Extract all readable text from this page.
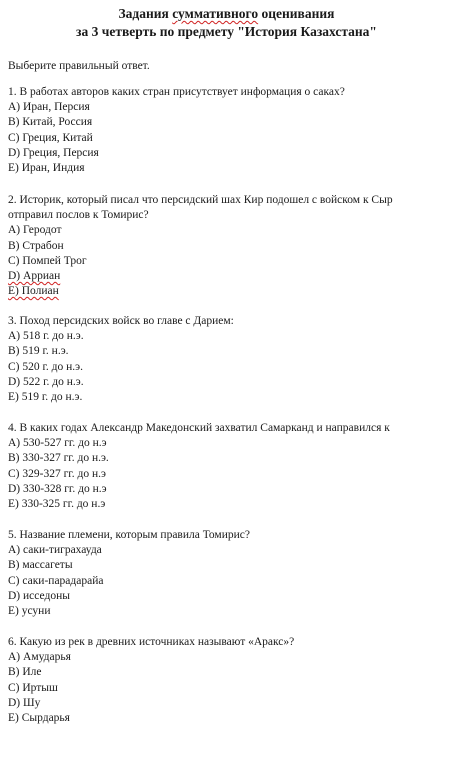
Задания суммативного оценивания
за 3 четверть по предмету "История Казахстана"
Выберите правильный ответ.
1. В работах авторов каких стран присутствует информация о саках?
A) Иран, Персия
B) Китай, Россия
C) Греция, Китай
D) Греция, Персия
E) Иран, Индия
2. Историк, который писал что персидский шах Кир подошел с войском к Сыр
отправил послов к Томирис?
A) Геродот
B) Страбон
C) Помпей Трог
D) Арриан
E) Полиан
3. Поход персидских войск во главе с Дарием:
A) 518 г. до н.э.
B) 519 г. н.э.
C) 520 г. до н.э.
D) 522 г. до н.э.
E) 519 г. до н.э.
4. В каких годах Александр Македонский захватил Самарканд и направился к
A) 530-527 гг. до н.э
B) 330-327 гг. до н.э.
C) 329-327 гг. до н.э
D) 330-328 гг. до н.э
E) 330-325 гг. до н.э
5. Название племени, которым правила Томирис?
A) саки-тиграхауда
B) массагеты
C) саки-парадарайа
D) исседоны
E) усуни
6. Какую из рек в древних источниках называют «Аракс»?
A) Амударья
B) Иле
C) Иртыш
D) Шу
E) Сырдарья
